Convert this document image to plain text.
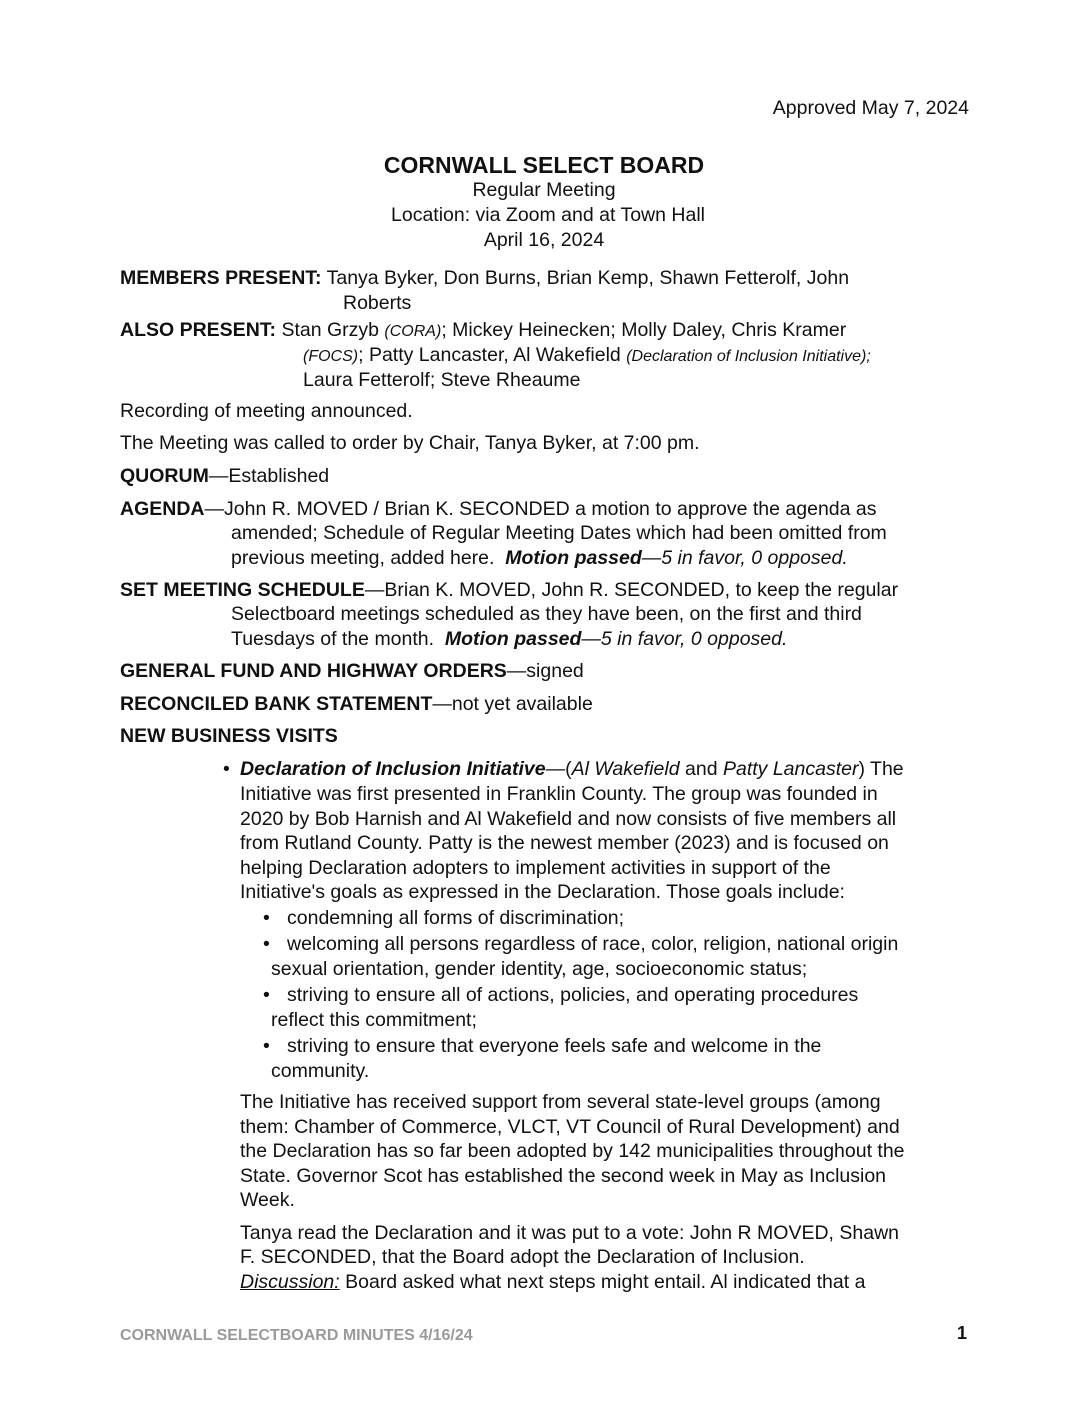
Approved May 7, 2024
CORNWALL SELECT BOARD
Regular Meeting
Location: via Zoom and at Town Hall
April 16, 2024
MEMBERS PRESENT: Tanya Byker, Don Burns, Brian Kemp, Shawn Fetterolf, John
Roberts
ALSO PRESENT: Stan Grzyb (CORA); Mickey Heinecken; Molly Daley, Chris Kramer
(FOCS); Patty Lancaster, Al Wakefield (Declaration of Inclusion Initiative);
Laura Fetterolf; Steve Rheaume
Recording of meeting announced.
The Meeting was called to order by Chair, Tanya Byker, at 7:00 pm.
QUORUM—Established
AGENDA—John R. MOVED / Brian K. SECONDED a motion to approve the agenda as
amended; Schedule of Regular Meeting Dates which had been omitted from
previous meeting, added here. Motion passed—5 in favor, 0 opposed.
SET MEETING SCHEDULE—Brian K. MOVED, John R. SECONDED, to keep the regular
Selectboard meetings scheduled as they have been, on the first and third
Tuesdays of the month. Motion passed—5 in favor, 0 opposed.
GENERAL FUND AND HIGHWAY ORDERS—signed
RECONCILED BANK STATEMENT—not yet available
NEW BUSINESS VISITS
• Declaration of Inclusion Initiative—(Al Wakefield and Patty Lancaster) The
Initiative was first presented in Franklin County. The group was founded in
2020 by Bob Harnish and Al Wakefield and now consists of five members all
from Rutland County. Patty is the newest member (2023) and is focused on
helping Declaration adopters to implement activities in support of the
Initiative's goals as expressed in the Declaration. Those goals include:
• condemning all forms of discrimination;
• welcoming all persons regardless of race, color, religion, national origin
sexual orientation, gender identity, age, socioeconomic status;
• striving to ensure all of actions, policies, and operating procedures
reflect this commitment;
• striving to ensure that everyone feels safe and welcome in the
community.
The Initiative has received support from several state-level groups (among
them: Chamber of Commerce, VLCT, VT Council of Rural Development) and
the Declaration has so far been adopted by 142 municipalities throughout the
State. Governor Scot has established the second week in May as Inclusion
Week.
Tanya read the Declaration and it was put to a vote: John R MOVED, Shawn
F. SECONDED, that the Board adopt the Declaration of Inclusion.
Discussion: Board asked what next steps might entail. Al indicated that a
CORNWALL SELECTBOARD MINUTES 4/16/24	1
